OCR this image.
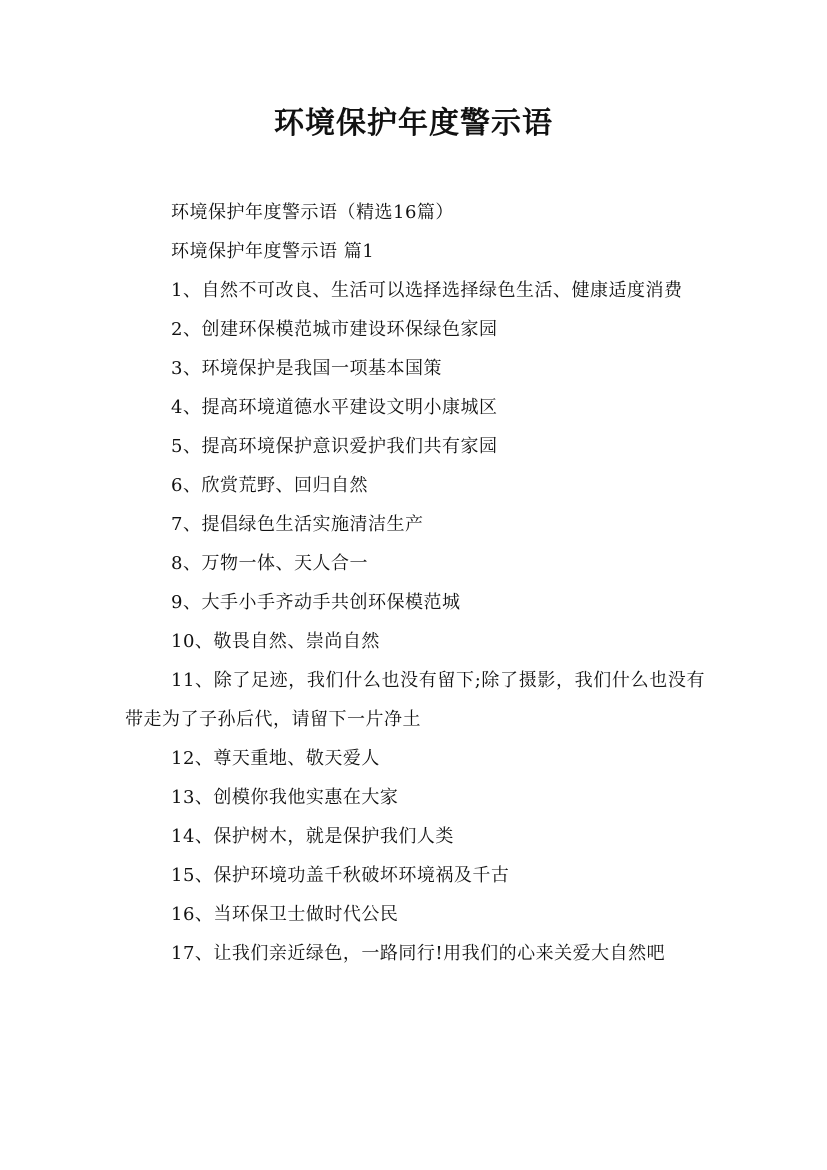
环境保护年度警示语

环境保护年度警示语（精选16篇）

环境保护年度警示语 篇1

1、自然不可改良、生活可以选择选择绿色生活、健康适度消费

2、创建环保模范城市建设环保绿色家园

3、环境保护是我国一项基本国策

4、提高环境道德水平建设文明小康城区

5、提高环境保护意识爱护我们共有家园

6、欣赏荒野、回归自然

7、提倡绿色生活实施清洁生产

8、万物一体、天人合一

9、大手小手齐动手共创环保模范城

10、敬畏自然、崇尚自然

11、除了足迹，我们什么也没有留下;除了摄影，我们什么也没有带走为了子孙后代，请留下一片净土

12、尊天重地、敬天爱人

13、创模你我他实惠在大家

14、保护树木，就是保护我们人类

15、保护环境功盖千秋破坏环境祸及千古

16、当环保卫士做时代公民

17、让我们亲近绿色，一路同行!用我们的心来关爱大自然吧
